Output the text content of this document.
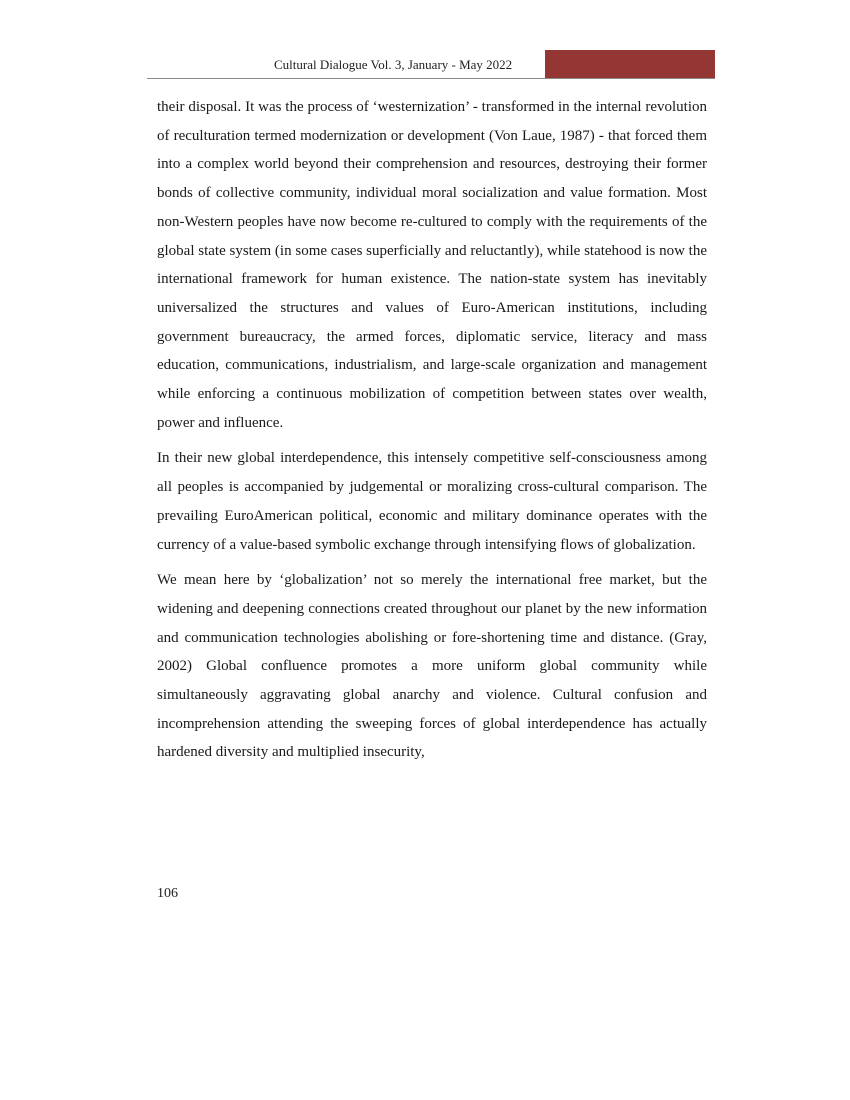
Cultural Dialogue Vol. 3, January - May 2022

their disposal. It was the process of ‘westernization’ - transformed in the internal revolution of reculturation termed modernization or development (Von Laue, 1987) - that forced them into a complex world beyond their comprehension and resources, destroying their former bonds of collective community, individual moral socialization and value formation. Most non-Western peoples have now become re-cultured to comply with the requirements of the global state system (in some cases superficially and reluctantly), while statehood is now the international framework for human existence. The nation-state system has inevitably universalized the structures and values of Euro-American institutions, including government bureaucracy, the armed forces, diplomatic service, literacy and mass education, communications, industrialism, and large-scale organization and management while enforcing a continuous mobilization of competition between states over wealth, power and influence.

In their new global interdependence, this intensely competitive self-consciousness among all peoples is accompanied by judgemental or moralizing cross-cultural comparison. The prevailing EuroAmerican political, economic and military dominance operates with the currency of a value-based symbolic exchange through intensifying flows of globalization.

We mean here by ‘globalization’ not so merely the international free market, but the widening and deepening connections created throughout our planet by the new information and communication technologies abolishing or fore-shortening time and distance. (Gray, 2002) Global confluence promotes a more uniform global community while simultaneously aggravating global anarchy and violence. Cultural confusion and incomprehension attending the sweeping forces of global interdependence has actually hardened diversity and multiplied insecurity,

106
